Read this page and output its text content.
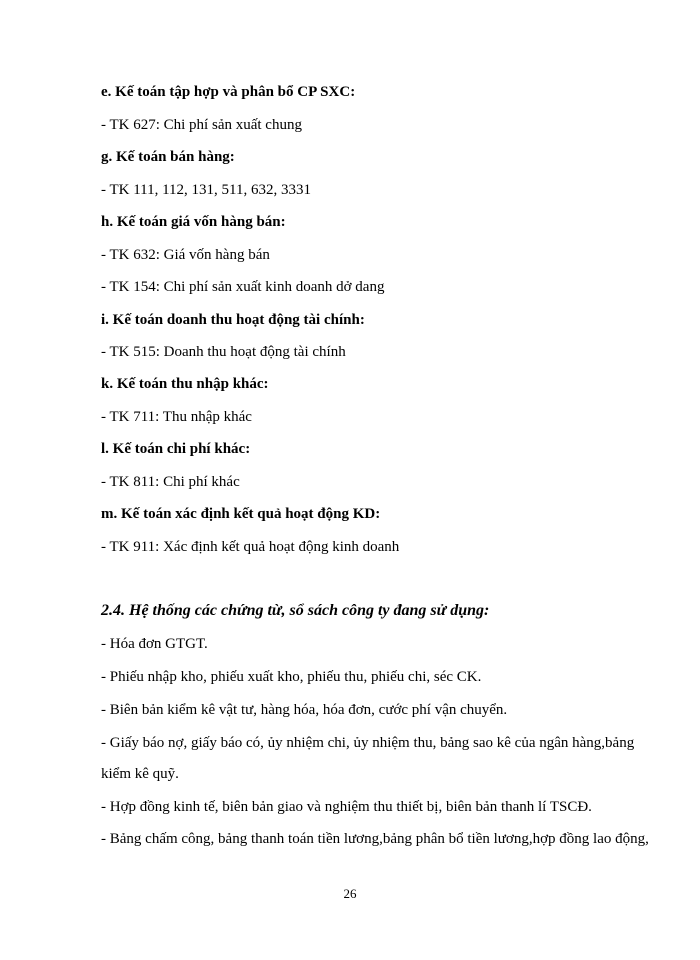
e. Kế toán tập hợp và phân bổ CP SXC:
- TK 627: Chi phí sản xuất chung
g. Kế toán bán hàng:
- TK 111, 112, 131, 511, 632, 3331
h. Kế toán giá vốn hàng bán:
- TK 632: Giá vốn hàng bán
- TK 154: Chi phí sản xuất kinh doanh dở dang
i. Kế toán doanh thu hoạt động tài chính:
- TK 515: Doanh thu hoạt động tài chính
k. Kế toán thu nhập khác:
- TK 711: Thu nhập khác
l. Kế toán chi phí khác:
- TK 811: Chi phí khác
m. Kế toán xác định kết quả hoạt động KD:
- TK 911: Xác định kết quả hoạt động kinh doanh
2.4. Hệ thống các chứng từ, sổ sách công ty đang sử dụng:
- Hóa đơn GTGT.
- Phiếu nhập kho, phiếu xuất kho, phiếu thu, phiếu chi, séc CK.
- Biên bản kiểm kê vật tư, hàng hóa, hóa đơn, cước phí vận chuyển.
- Giấy báo nợ, giấy báo có, ủy nhiệm chi, ủy nhiệm thu, bảng sao kê của ngân hàng,bảng
kiểm kê quỹ.
- Hợp đồng kinh tế, biên bản giao và nghiệm thu thiết bị, biên bản thanh lí TSCĐ.
- Bảng chấm công, bảng thanh toán tiền lương,bảng phân bổ tiền lương,hợp đồng lao động,
26
